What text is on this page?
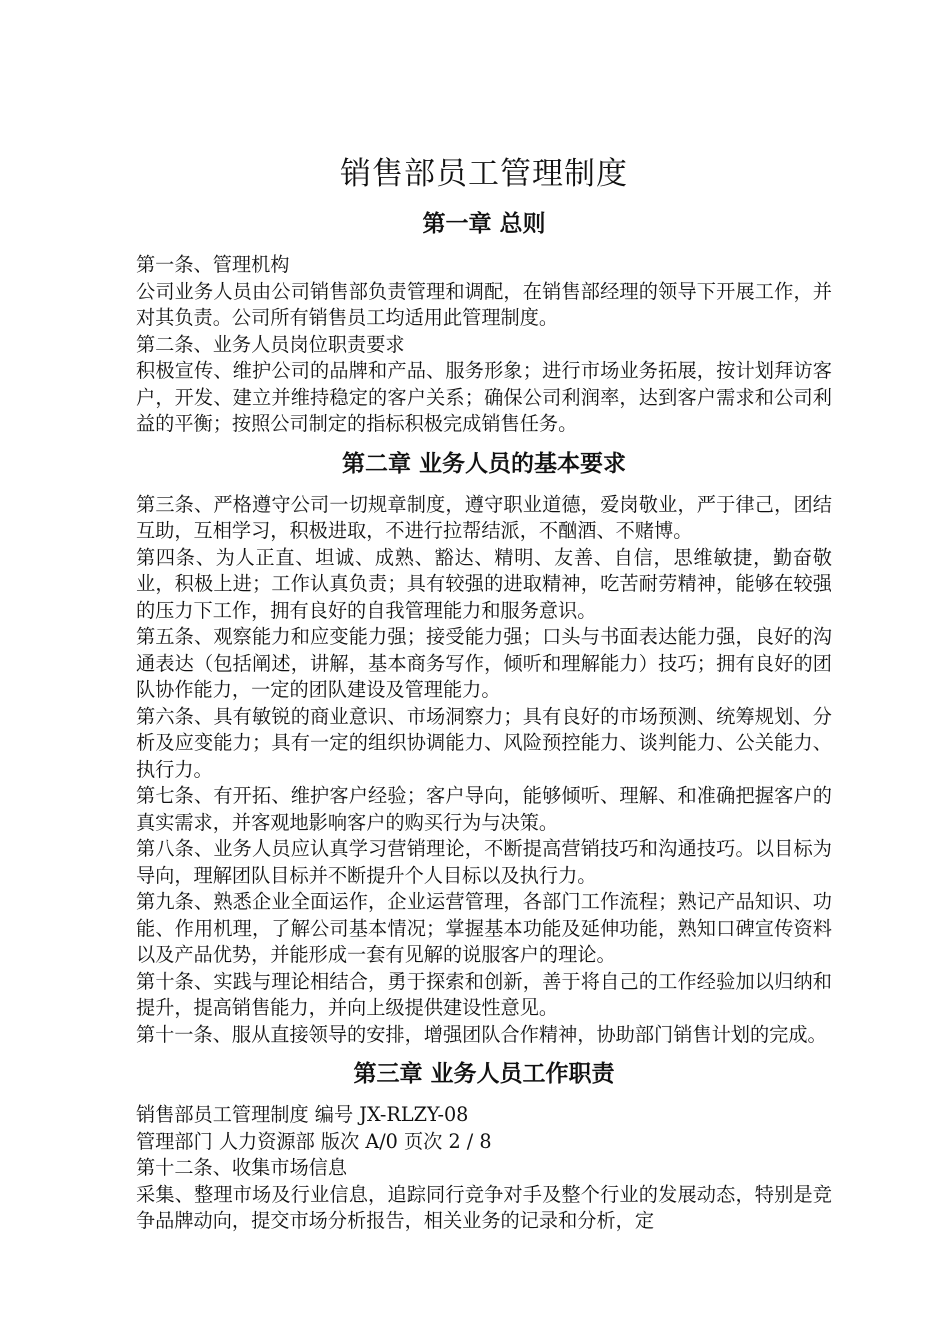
销售部员工管理制度
第一章 总则

第一条、管理机构

公司业务人员由公司销售部负责管理和调配，在销售部经理的领导下开展工作，并对其负责。公司所有销售员工均适用此管理制度。

第二条、业务人员岗位职责要求

积极宣传、维护公司的品牌和产品、服务形象；进行市场业务拓展，按计划拜访客户，开发、建立并维持稳定的客户关系；确保公司利润率，达到客户需求和公司利益的平衡；按照公司制定的指标积极完成销售任务。

第二章 业务人员的基本要求

第三条、严格遵守公司一切规章制度，遵守职业道德，爱岗敬业，严于律己，团结互助，互相学习，积极进取，不进行拉帮结派，不酗酒、不赌博。

第四条、为人正直、坦诚、成熟、豁达、精明、友善、自信，思维敏捷，勤奋敬业，积极上进；工作认真负责；具有较强的进取精神，吃苦耐劳精神，能够在较强的压力下工作，拥有良好的自我管理能力和服务意识。

第五条、观察能力和应变能力强；接受能力强；口头与书面表达能力强，良好的沟通表达（包括阐述，讲解，基本商务写作，倾听和理解能力）技巧；拥有良好的团队协作能力，一定的团队建设及管理能力。

第六条、具有敏锐的商业意识、市场洞察力；具有良好的市场预测、统筹规划、分析及应变能力；具有一定的组织协调能力、风险预控能力、谈判能力、公关能力、执行力。

第七条、有开拓、维护客户经验；客户导向，能够倾听、理解、和准确把握客户的真实需求，并客观地影响客户的购买行为与决策。

第八条、业务人员应认真学习营销理论，不断提高营销技巧和沟通技巧。以目标为导向，理解团队目标并不断提升个人目标以及执行力。

第九条、熟悉企业全面运作，企业运营管理，各部门工作流程；熟记产品知识、功能、作用机理，了解公司基本情况；掌握基本功能及延伸功能，熟知口碑宣传资料以及产品优势，并能形成一套有见解的说服客户的理论。

第十条、实践与理论相结合，勇于探索和创新，善于将自己的工作经验加以归纳和提升，提高销售能力，并向上级提供建设性意见。

第十一条、服从直接领导的安排，增强团队合作精神，协助部门销售计划的完成。

第三章 业务人员工作职责

销售部员工管理制度 编号 JX-RLZY-08

管理部门 人力资源部 版次 A/0 页次 2 / 8

第十二条、收集市场信息

采集、整理市场及行业信息，追踪同行竞争对手及整个行业的发展动态，特别是竞争品牌动向，提交市场分析报告，相关业务的记录和分析，定
